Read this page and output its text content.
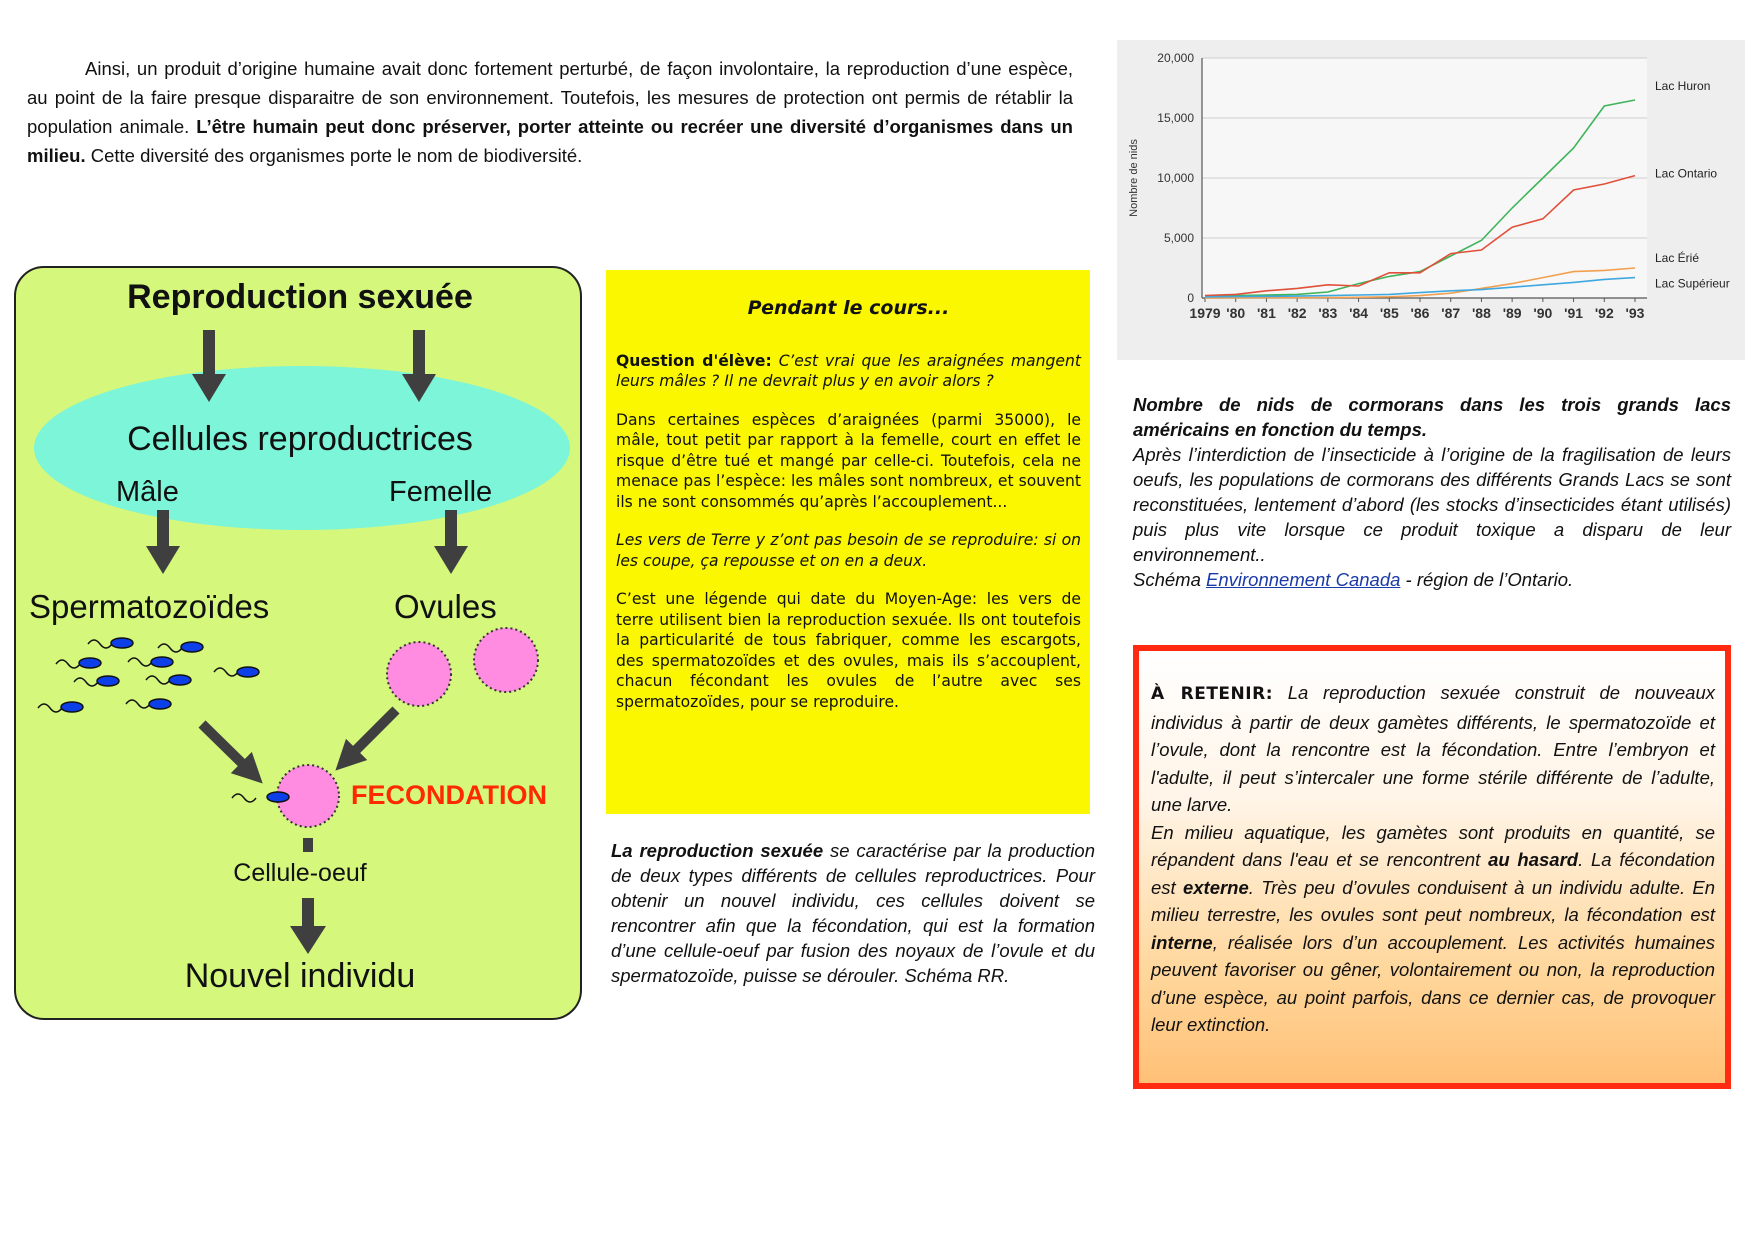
Ainsi, un produit d’origine humaine avait donc fortement perturbé, de façon involontaire, la reproduction d’une espèce, au point de la faire presque disparaitre de son environnement. Toutefois, les mesures de protection ont permis de rétablir la population animale. L’être humain peut donc préserver, porter atteinte ou recréer une diversité d’organismes dans un milieu. Cette diversité des organismes porte le nom de biodiversité.
Reproduction sexuée
Cellules reproductrices
Mâle	Femelle
Spermatozoïdes	Ovules
FECONDATION
Cellule-oeuf
Nouvel individu
Pendant le cours...

Question d'élève: C’est vrai que les araignées mangent leurs mâles ? Il ne devrait plus y en avoir alors ?

Dans certaines espèces d’araignées (parmi 35000), le mâle, tout petit par rapport à la femelle, court en effet le risque d’être tué et mangé par celle-ci. Toutefois, cela ne menace pas l’espèce: les mâles sont nombreux, et souvent ils ne sont consommés qu’après l’accouplement...

Les vers de Terre y z’ont pas besoin de se reproduire: si on les coupe, ça repousse et on en a deux.

C’est une légende qui date du Moyen-Age: les vers de terre utilisent bien la reproduction sexuée. Ils ont toutefois la particularité de tous fabriquer, comme les escargots, des spermatozoïdes et des ovules, mais ils s’accouplent, chacun fécondant les ovules de l’autre avec ses spermatozoïdes, pour se reproduire.

La reproduction sexuée se caractérise par la production de deux types différents de cellules reproductrices. Pour obtenir un nouvel individu, ces cellules doivent se rencontrer afin que la fécondation, qui est la formation d’une cellule-oeuf par fusion des noyaux de l’ovule et du spermatozoïde, puisse se dérouler. Schéma RR.
0
5,000
10,000
15,000
20,000
1979 '80 '81 '82 '83 '84 '85 '86 '87 '88 '89 '90 '91 '92 '93
Nombre de nids
Lac Huron
Lac Ontario
Lac Érié
Lac Supérieur
Nombre de nids de cormorans dans les trois grands lacs américains en fonction du temps.
Après l’interdiction de l’insecticide à l’origine de la fragilisation de leurs oeufs, les populations de cormorans des différents Grands Lacs se sont reconstituées, lentement d’abord (les stocks d’insecticides étant utilisés) puis plus vite lorsque ce produit toxique a disparu de leur environnement..
Schéma Environnement Canada - région de l’Ontario.

À RETENIR: La reproduction sexuée construit de nouveaux individus à partir de deux gamètes différents, le spermatozoïde et l’ovule, dont la rencontre est la fécondation. Entre l’embryon et l'adulte, il peut s’intercaler une forme stérile différente de l’adulte, une larve.

En milieu aquatique, les gamètes sont produits en quantité, se répandent dans l'eau et se rencontrent au hasard. La fécondation est externe. Très peu d’ovules conduisent à un individu adulte. En milieu terrestre, les ovules sont peut nombreux, la fécondation est interne, réalisée lors d’un accouplement. Les activités humaines peuvent favoriser ou gêner, volontairement ou non, la reproduction d’une espèce, au point parfois, dans ce dernier cas, de provoquer leur extinction.
